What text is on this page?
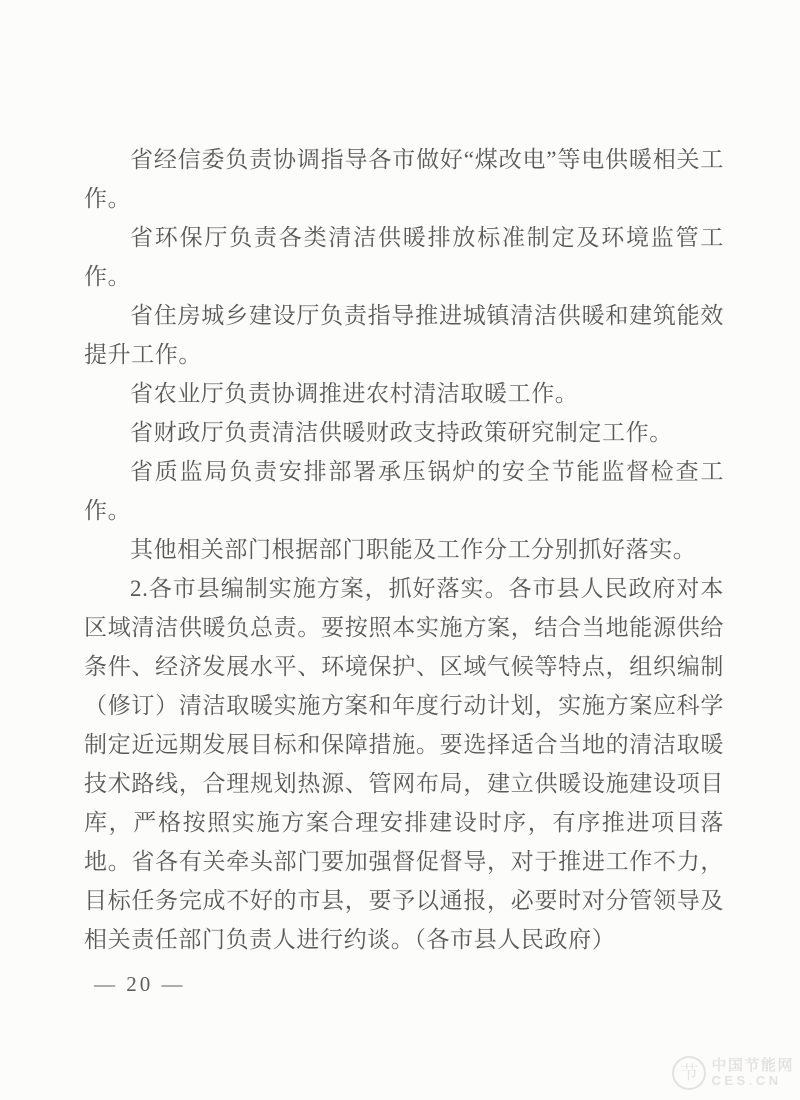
省经信委负责协调指导各市做好“煤改电”等电供暖相关工作。

省环保厅负责各类清洁供暖排放标准制定及环境监管工作。

省住房城乡建设厅负责指导推进城镇清洁供暖和建筑能效提升工作。

省农业厅负责协调推进农村清洁取暖工作。

省财政厅负责清洁供暖财政支持政策研究制定工作。

省质监局负责安排部署承压锅炉的安全节能监督检查工作。

其他相关部门根据部门职能及工作分工分别抓好落实。

2.各市县编制实施方案，抓好落实。各市县人民政府对本区域清洁供暖负总责。要按照本实施方案，结合当地能源供给条件、经济发展水平、环境保护、区域气候等特点，组织编制（修订）清洁取暖实施方案和年度行动计划，实施方案应科学制定近远期发展目标和保障措施。要选择适合当地的清洁取暖技术路线，合理规划热源、管网布局，建立供暖设施建设项目库，严格按照实施方案合理安排建设时序，有序推进项目落地。省各有关牵头部门要加强督促督导，对于推进工作不力，目标任务完成不好的市县，要予以通报，必要时对分管领导及相关责任部门负责人进行约谈。（各市县人民政府）

— 20 —
节 中国节能网
CES.CN
